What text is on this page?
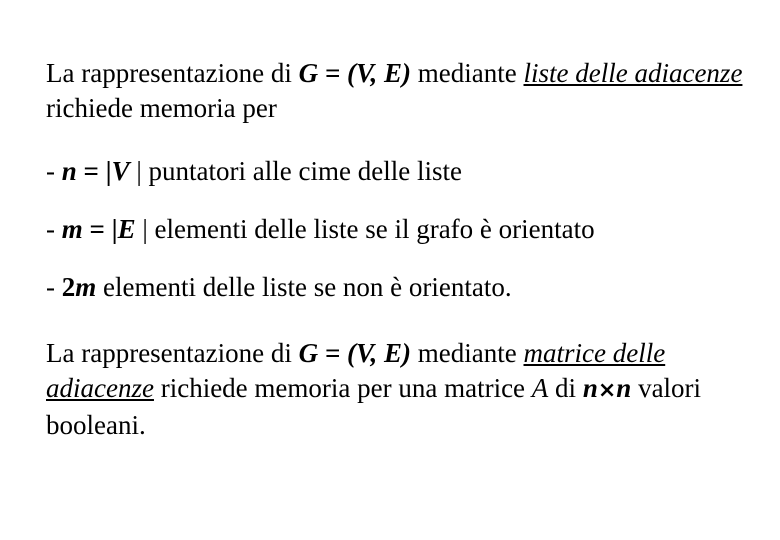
La rappresentazione di G = (V, E) mediante liste delle adiacenze richiede memoria per

- n = |V | puntatori alle cime delle liste

- m = |E | elementi delle liste se il grafo è orientato

- 2m elementi delle liste se non è orientato.

La rappresentazione di G = (V, E) mediante matrice delle adiacenze richiede memoria per una matrice A di n×n valori booleani.
